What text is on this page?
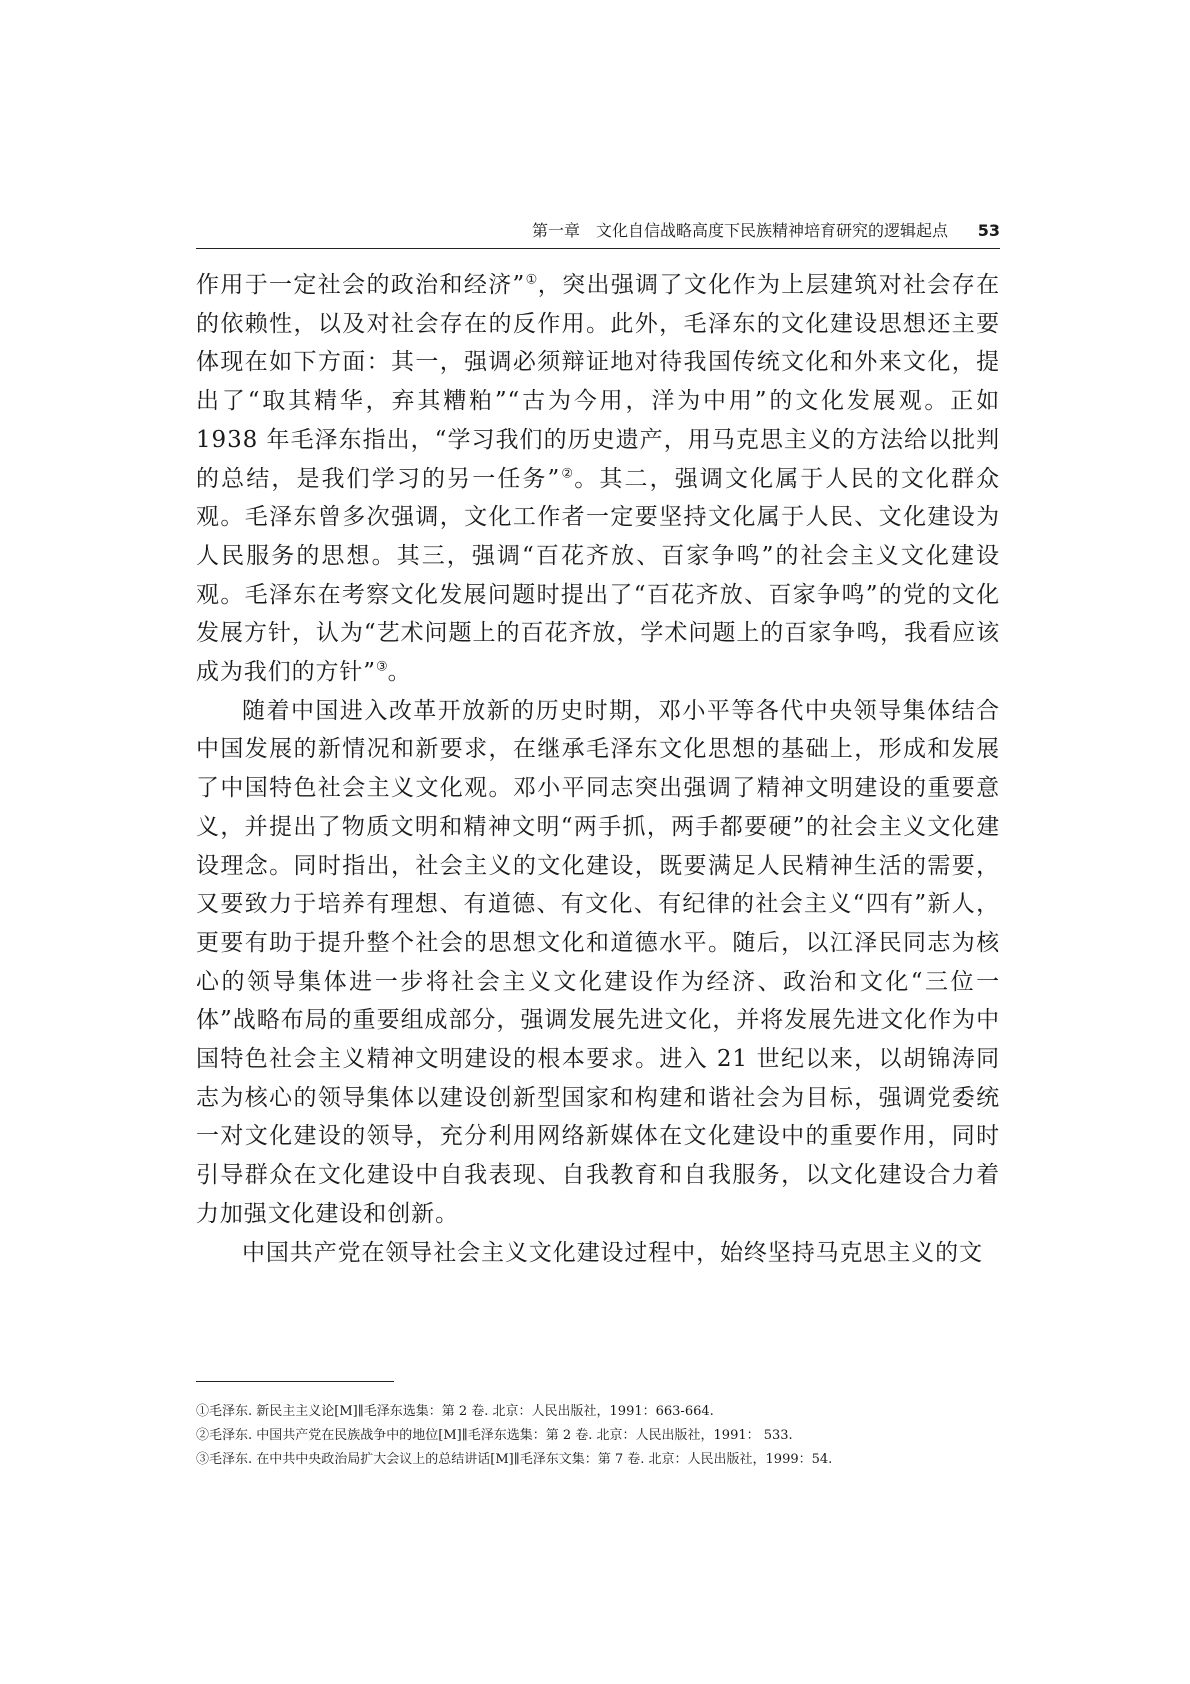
第一章　文化自信战略高度下民族精神培育研究的逻辑起点 53

作用于一定社会的政治和经济”①，突出强调了文化作为上层建筑对社会存在的依赖性，以及对社会存在的反作用。此外，毛泽东的文化建设思想还主要体现在如下方面：其一，强调必须辩证地对待我国传统文化和外来文化，提出了“取其精华，弃其糟粕”“古为今用，洋为中用”的文化发展观。正如 1938 年毛泽东指出，“学习我们的历史遗产，用马克思主义的方法给以批判的总结，是我们学习的另一任务”②。其二，强调文化属于人民的文化群众观。毛泽东曾多次强调，文化工作者一定要坚持文化属于人民、文化建设为人民服务的思想。其三，强调“百花齐放、百家争鸣”的社会主义文化建设观。毛泽东在考察文化发展问题时提出了“百花齐放、百家争鸣”的党的文化发展方针，认为“艺术问题上的百花齐放，学术问题上的百家争鸣，我看应该成为我们的方针”③。

随着中国进入改革开放新的历史时期，邓小平等各代中央领导集体结合中国发展的新情况和新要求，在继承毛泽东文化思想的基础上，形成和发展了中国特色社会主义文化观。邓小平同志突出强调了精神文明建设的重要意义，并提出了物质文明和精神文明“两手抓，两手都要硬”的社会主义文化建设理念。同时指出，社会主义的文化建设，既要满足人民精神生活的需要，又要致力于培养有理想、有道德、有文化、有纪律的社会主义“四有”新人，更要有助于提升整个社会的思想文化和道德水平。随后，以江泽民同志为核心的领导集体进一步将社会主义文化建设作为经济、政治和文化“三位一体”战略布局的重要组成部分，强调发展先进文化，并将发展先进文化作为中国特色社会主义精神文明建设的根本要求。进入 21 世纪以来，以胡锦涛同志为核心的领导集体以建设创新型国家和构建和谐社会为目标，强调党委统一对文化建设的领导，充分利用网络新媒体在文化建设中的重要作用，同时引导群众在文化建设中自我表现、自我教育和自我服务，以文化建设合力着力加强文化建设和创新。

中国共产党在领导社会主义文化建设过程中，始终坚持马克思主义的文

①毛泽东. 新民主主义论[M]∥毛泽东选集：第 2 卷. 北京：人民出版社，1991：663-664.
②毛泽东. 中国共产党在民族战争中的地位[M]∥毛泽东选集：第 2 卷. 北京：人民出版社，1991： 533.
③毛泽东. 在中共中央政治局扩大会议上的总结讲话[M]∥毛泽东文集：第 7 卷. 北京：人民出版社，1999：54.
